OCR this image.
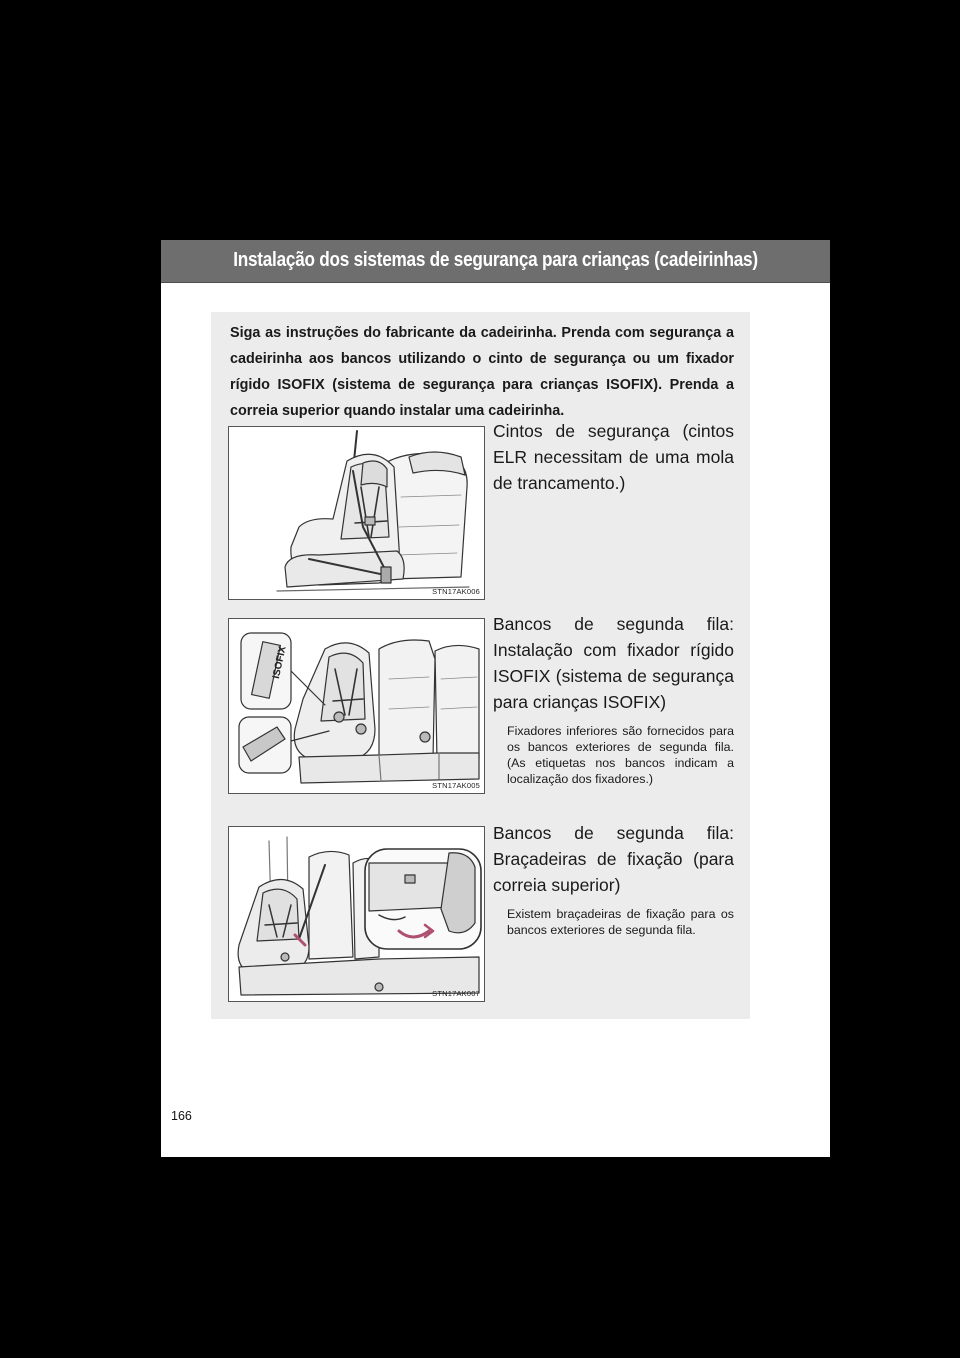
Instalação dos sistemas de segurança para crianças (cadeirinhas)
Siga as instruções do fabricante da cadeirinha. Prenda com segurança a cadeirinha aos bancos utilizando o cinto de segurança ou um fixador rígido ISOFIX (sistema de segurança para crianças ISOFIX). Prenda a correia superior quando instalar uma cadeirinha.
STN17AK006
Cintos de segurança (cintos ELR necessitam de uma mola de trancamento.)
ISOFIX
STN17AK005
Bancos de segunda fila: Instalação com fixador rígido ISOFIX (sistema de segurança para crianças ISOFIX)
Fixadores inferiores são fornecidos para os bancos exteriores de segunda fila. (As etiquetas nos bancos indicam a localização dos fixadores.)
STN17AK007
Bancos de segunda fila: Braçadeiras de fixação (para correia superior)
Existem braçadeiras de fixação para os bancos exteriores de segunda fila.
166
